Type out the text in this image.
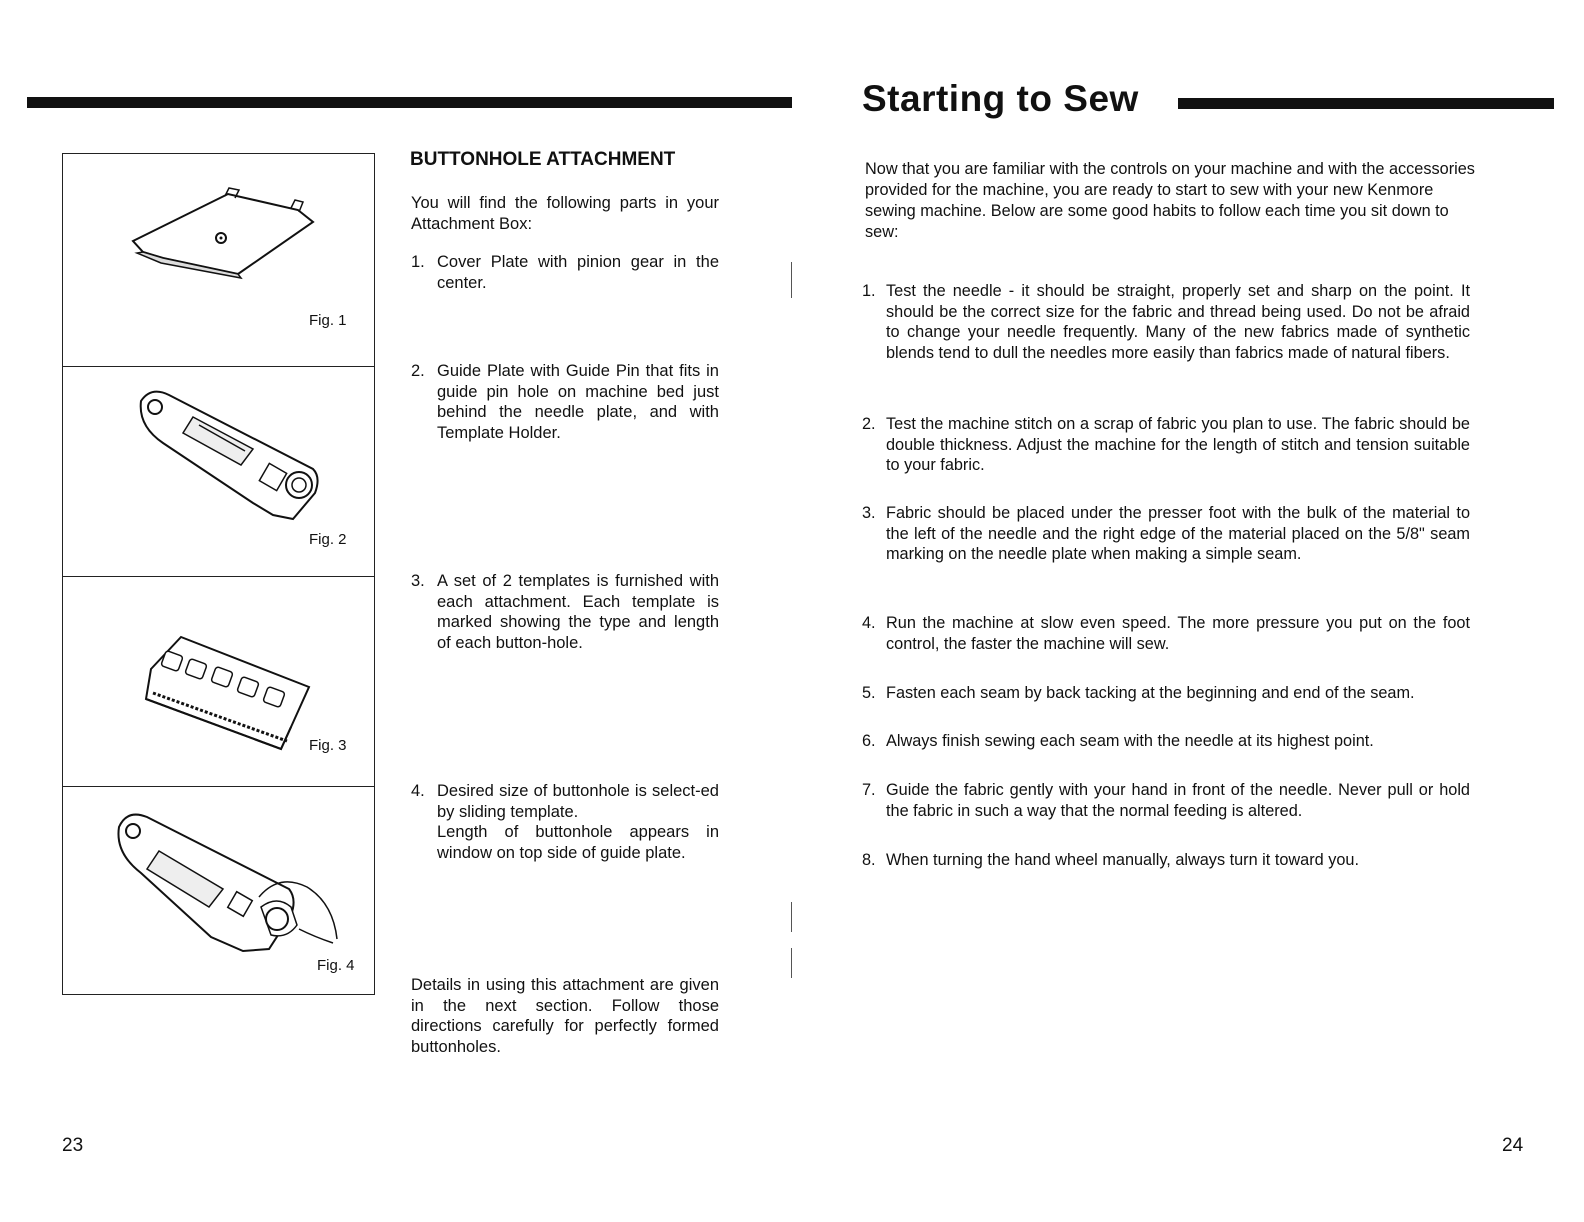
Starting to Sew
Fig. 1
Fig. 2
Fig. 3
Fig. 4
BUTTONHOLE ATTACHMENT
You will find the following parts in your Attachment Box:
1. Cover Plate with pinion gear in the center.
2. Guide Plate with Guide Pin that fits in guide pin hole on machine bed just behind the needle plate, and with Template Holder.
3. A set of 2 templates is furnished with each attachment. Each template is marked showing the type and length of each button-hole.
4. Desired size of buttonhole is select-ed by sliding template.
Length of buttonhole appears in window on top side of guide plate.
Details in using this attachment are given in the next section. Follow those directions carefully for perfectly formed buttonholes.
Now that you are familiar with the controls on your machine and with the accessories provided for the machine, you are ready to start to sew with your new Kenmore sewing machine. Below are some good habits to follow each time you sit down to sew:
1. Test the needle - it should be straight, properly set and sharp on the point. It should be the correct size for the fabric and thread being used. Do not be afraid to change your needle frequently. Many of the new fabrics made of synthetic blends tend to dull the needles more easily than fabrics made of natural fibers.
2. Test the machine stitch on a scrap of fabric you plan to use. The fabric should be double thickness. Adjust the machine for the length of stitch and tension suitable to your fabric.
3. Fabric should be placed under the presser foot with the bulk of the material to the left of the needle and the right edge of the material placed on the 5/8" seam marking on the needle plate when making a simple seam.
4. Run the machine at slow even speed. The more pressure you put on the foot control, the faster the machine will sew.
5. Fasten each seam by back tacking at the beginning and end of the seam.
6. Always finish sewing each seam with the needle at its highest point.
7. Guide the fabric gently with your hand in front of the needle. Never pull or hold the fabric in such a way that the normal feeding is altered.
8. When turning the hand wheel manually, always turn it toward you.
23	24
